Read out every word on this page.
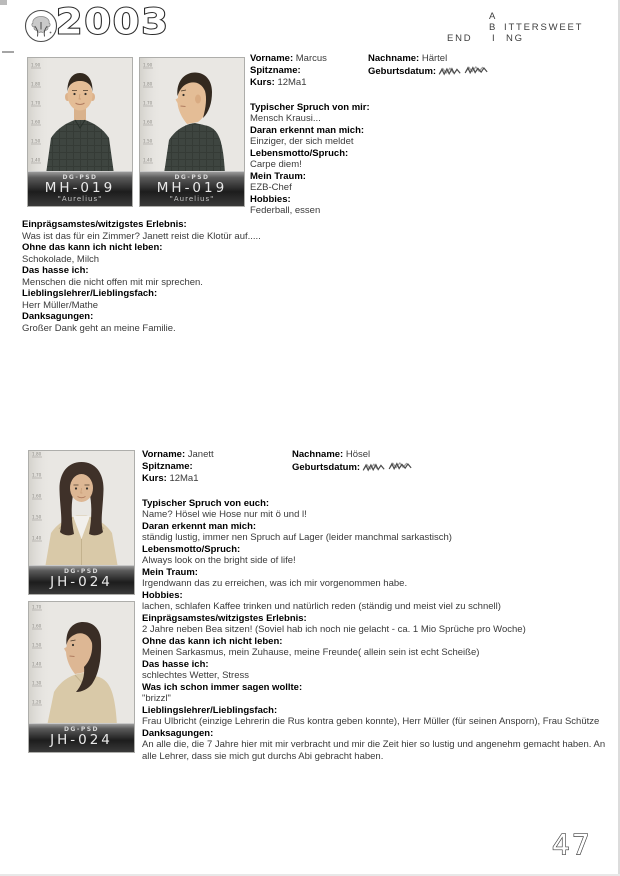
2003	A
B ITTERSWEET
END I NG
1.90
1.80
1.70
1.60
1.50
1.40
DG-PSD
MH-019
"Aurelius"
1.90
1.80
1.70
1.60
1.50
1.40
DG-PSD
MH-019
"Aurelius"
Vorname: Marcus	Nachname: Härtel
Spitzname:	Geburtsdatum:
Kurs: 12Ma1
Typischer Spruch von mir:
Mensch Krausi...
Daran erkennt man mich:
Einziger, der sich meldet
Lebensmotto/Spruch:
Carpe diem!
Mein Traum:
EZB-Chef
Hobbies:
Federball, essen
Einprägsamstes/witzigstes Erlebnis:
Was ist das für ein Zimmer? Janett reist die Klotür auf.....
Ohne das kann ich nicht leben:
Schokolade, Milch
Das hasse ich:
Menschen die nicht offen mit mir sprechen.
Lieblingslehrer/Lieblingsfach:
Herr Müller/Mathe
Danksagungen:
Großer Dank geht an meine Familie.
1.80
1.70
1.60
1.50
1.40
DG-PSD
JH-024
1.70
1.60
1.50
1.40
1.30
1.20
DG-PSD
JH-024
Vorname: Janett	Nachname: Hösel
Spitzname:	Geburtsdatum:
Kurs: 12Ma1
Typischer Spruch von euch:
Name? Hösel wie Hose nur mit ö und l!
Daran erkennt man mich:
ständig lustig, immer nen Spruch auf Lager (leider manchmal sarkastisch)
Lebensmotto/Spruch:
Always look on the bright side of life!
Mein Traum:
Irgendwann das zu erreichen, was ich mir vorgenommen habe.
Hobbies:
lachen, schlafen Kaffee trinken und natürlich reden (ständig und meist viel zu schnell)
Einprägsamstes/witzigstes Erlebnis:
2 Jahre neben Bea sitzen! (Soviel hab ich noch nie gelacht - ca. 1 Mio Sprüche pro Woche)
Ohne das kann ich nicht leben:
Meinen Sarkasmus, mein Zuhause, meine Freunde( allein sein ist echt Scheiße)
Das hasse ich:
schlechtes Wetter, Stress
Was ich schon immer sagen wollte:
"brizzl"
Lieblingslehrer/Lieblingsfach:
Frau Ulbricht (einzige Lehrerin die Rus kontra geben konnte), Herr Müller (für seinen Ansporn), Frau Schütze
Danksagungen:
An alle die, die 7 Jahre hier mit mir verbracht und mir die Zeit hier so lustig und angenehm gemacht haben. An alle Lehrer, dass sie mich gut durchs Abi gebracht haben.
47
